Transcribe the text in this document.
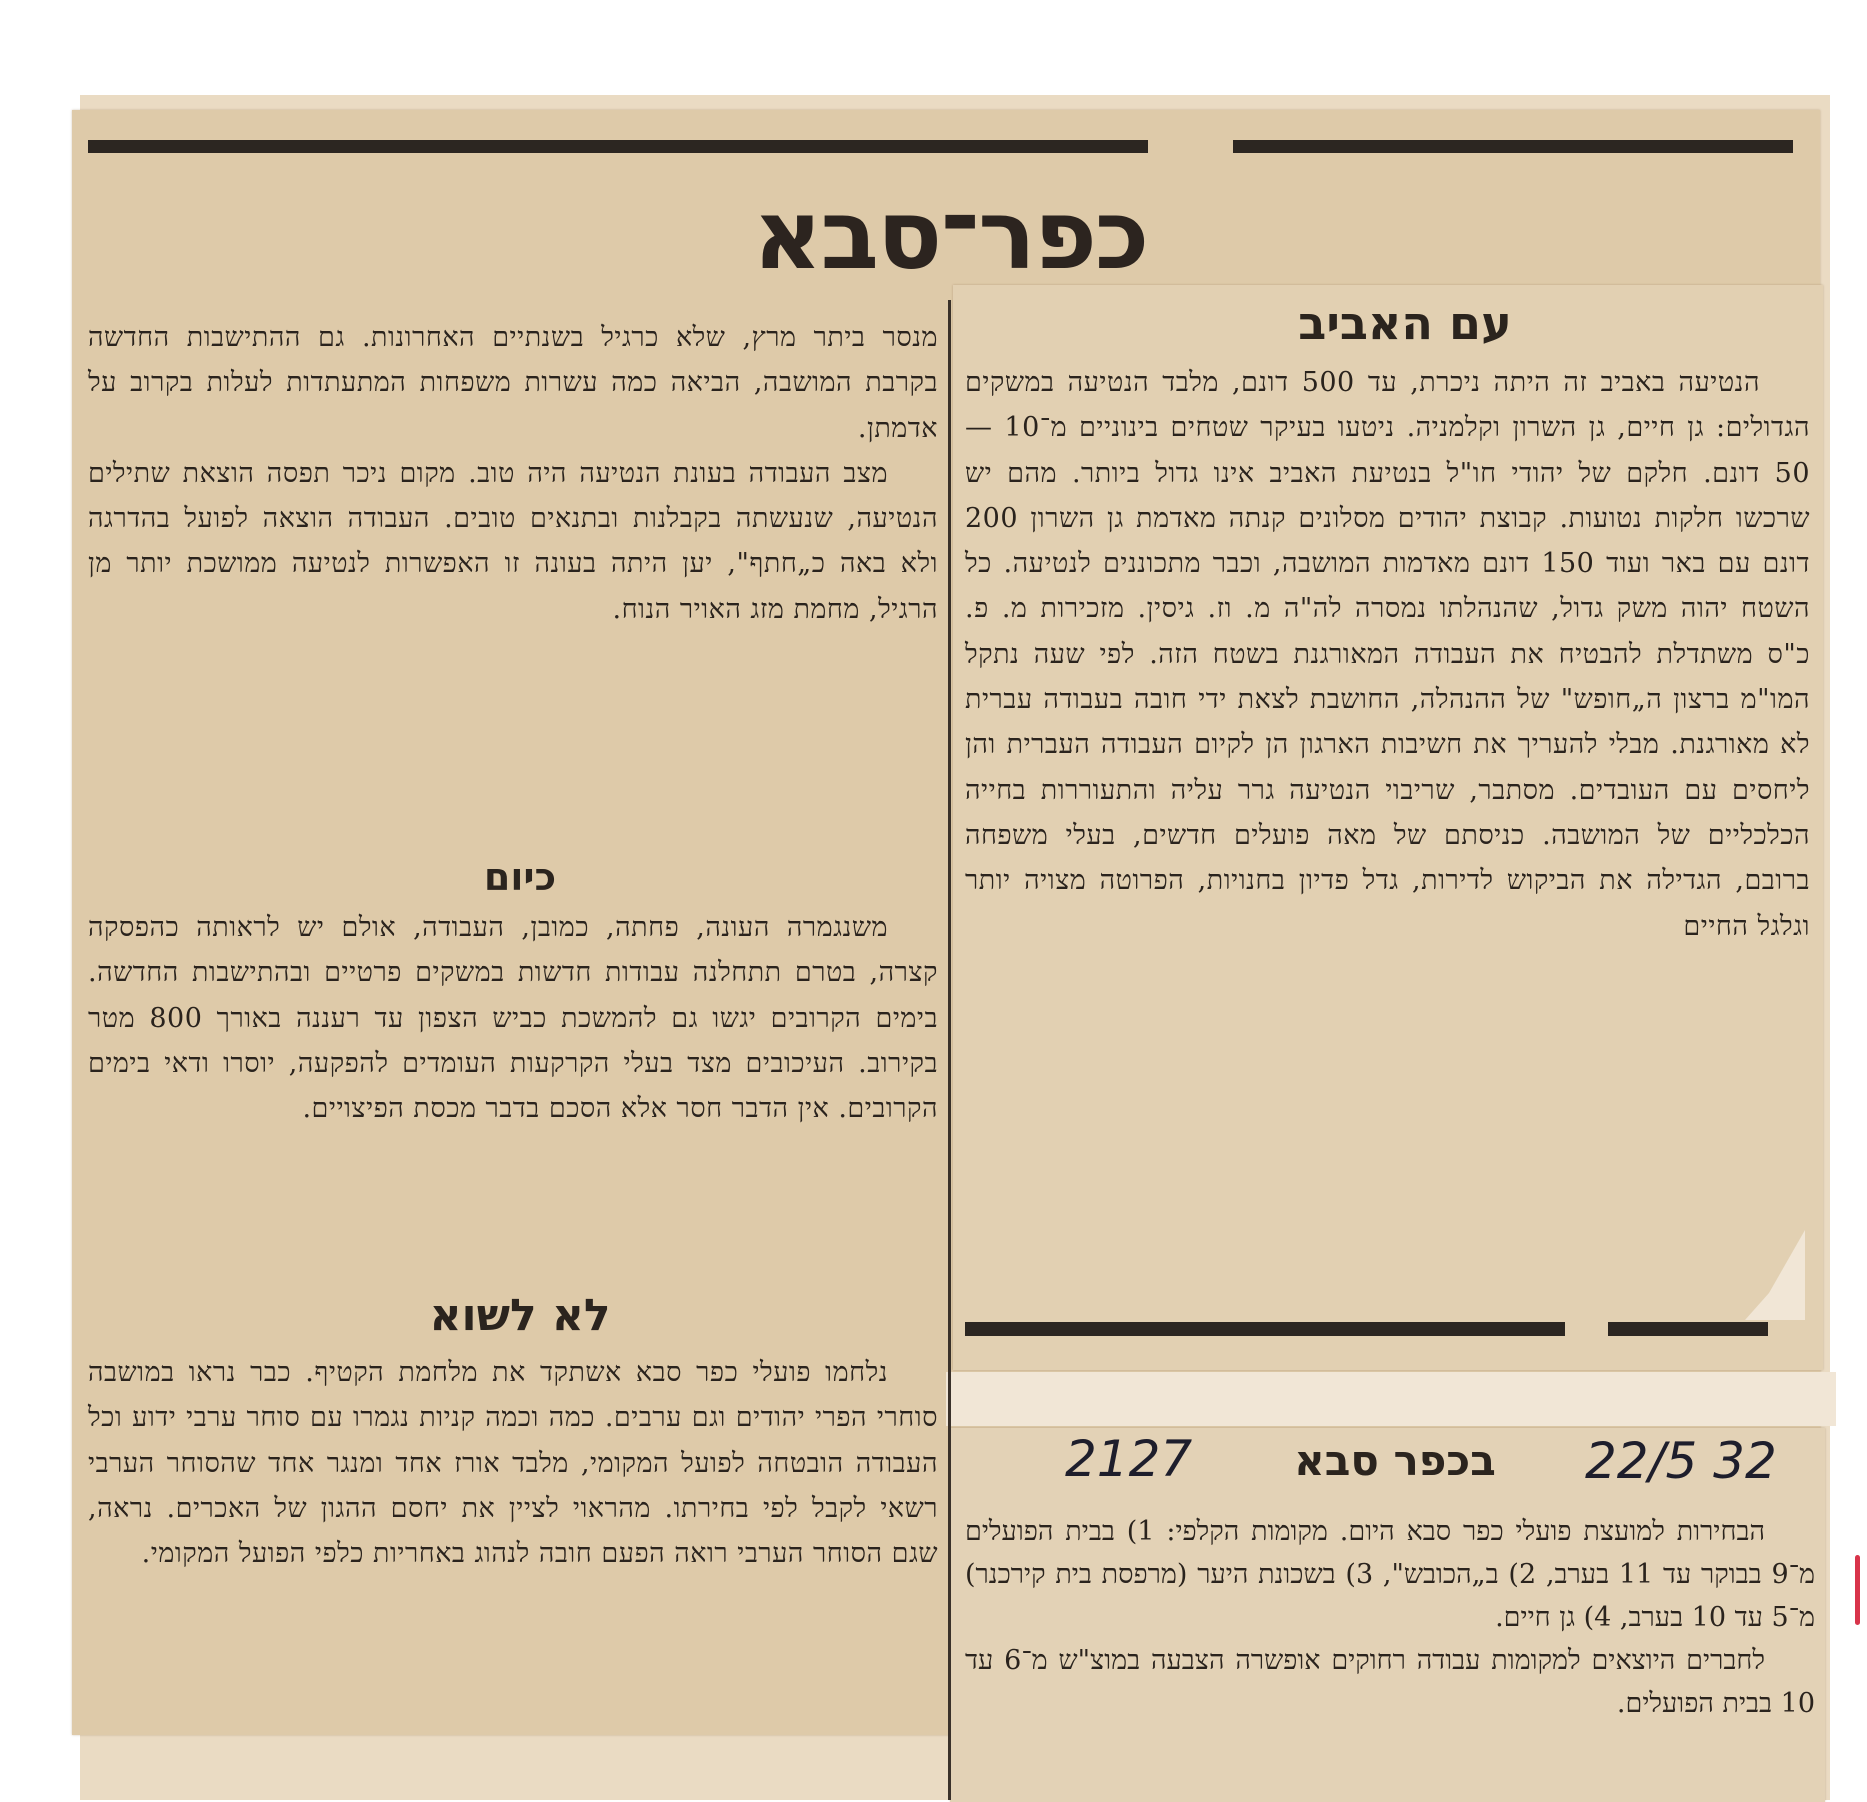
כפר־סבא
עם האביב

הנטיעה באביב זה היתה ניכרת, עד 500 דונם, מלבד הנטיעה במשקים הגדולים: גן חיים, גן השרון וקלמניה. ניטעו בעיקר שטחים בינוניים מ־10 — 50 דונם. חלקם של יהודי חו"ל בנטיעת האביב אינו גדול ביותר. מהם יש שרכשו חלקות נטועות. קבוצת יהודים מסלונים קנתה מאדמת גן השרון 200 דונם עם באר ועוד 150 דונם מאדמות המושבה, וכבר מתכוננים לנטיעה. כל השטח יהוה משק גדול, שהנהלתו נמסרה לה"ה מ. וז. גיסין. מזכירות מ. פ. כ"ס משתדלת להבטיח את העבודה המאורגנת בשטח הזה. לפי שעה נתקל המו"מ ברצון ה„חופש" של ההנהלה, החושבת לצאת ידי חובה בעבודה עברית לא מאורגנת. מבלי להעריך את חשיבות הארגון הן לקיום העבודה העברית והן ליחסים עם העובדים. מסתבר, שריבוי הנטיעה גרר עליה והתעוררות בחייה הכלכליים של המושבה. כניסתם של מאה פועלים חדשים, בעלי משפחה ברובם, הגדילה את הביקוש לדירות, גדל פדיון בחנויות, הפרוטה מצויה יותר וגלגל החיים

מנסר ביתר מרץ, שלא כרגיל בשנתיים האחרונות. גם ההתישבות החדשה בקרבת המושבה, הביאה כמה עשרות משפחות המתעתדות לעלות בקרוב על אדמתן.

מצב העבודה בעונת הנטיעה היה טוב. מקום ניכר תפסה הוצאת שתילים הנטיעה, שנעשתה בקבלנות ובתנאים טובים. העבודה הוצאה לפועל בהדרגה ולא באה כ„חתף", יען היתה בעונה זו האפשרות לנטיעה ממושכת יותר מן הרגיל, מחמת מזג האויר הנוח.

כיום

משנגמרה העונה, פחתה, כמובן, העבודה, אולם יש לראותה כהפסקה קצרה, בטרם תתחלנה עבודות חדשות במשקים פרטיים ובהתישבות החדשה. בימים הקרובים יגשו גם להמשכת כביש הצפון עד רעננה באורך 800 מטר בקירוב. העיכובים מצד בעלי הקרקעות העומדים להפקעה, יוסרו ודאי בימים הקרובים. אין הדבר חסר אלא הסכם בדבר מכסת הפיצויים.

לא לשוא

נלחמו פועלי כפר סבא אשתקד את מלחמת הקטיף. כבר נראו במושבה סוחרי הפרי יהודים וגם ערבים. כמה וכמה קניות נגמרו עם סוחר ערבי ידוע וכל העבודה הובטחה לפועל המקומי, מלבד אורז אחד ומנגר אחד שהסוחר הערבי רשאי לקבל לפי בחירתו. מהראוי לציין את יחסם ההגון של האכרים. נראה, שגם הסוחר הערבי רואה הפעם חובה לנהוג באחריות כלפי הפועל המקומי.

2127	בכפר סבא	22/5 32

הבחירות למועצת פועלי כפר סבא היום. מקומות הקלפי: 1) בבית הפועלים מ־9 בבוקר עד 11 בערב, 2) ב„הכובש", 3) בשכונת היער (מרפסת בית קירכנר) מ־5 עד 10 בערב, 4) גן חיים.

לחברים היוצאים למקומות עבודה רחוקים אופשרה הצבעה במוצ"ש מ־6 עד 10 בבית הפועלים.
